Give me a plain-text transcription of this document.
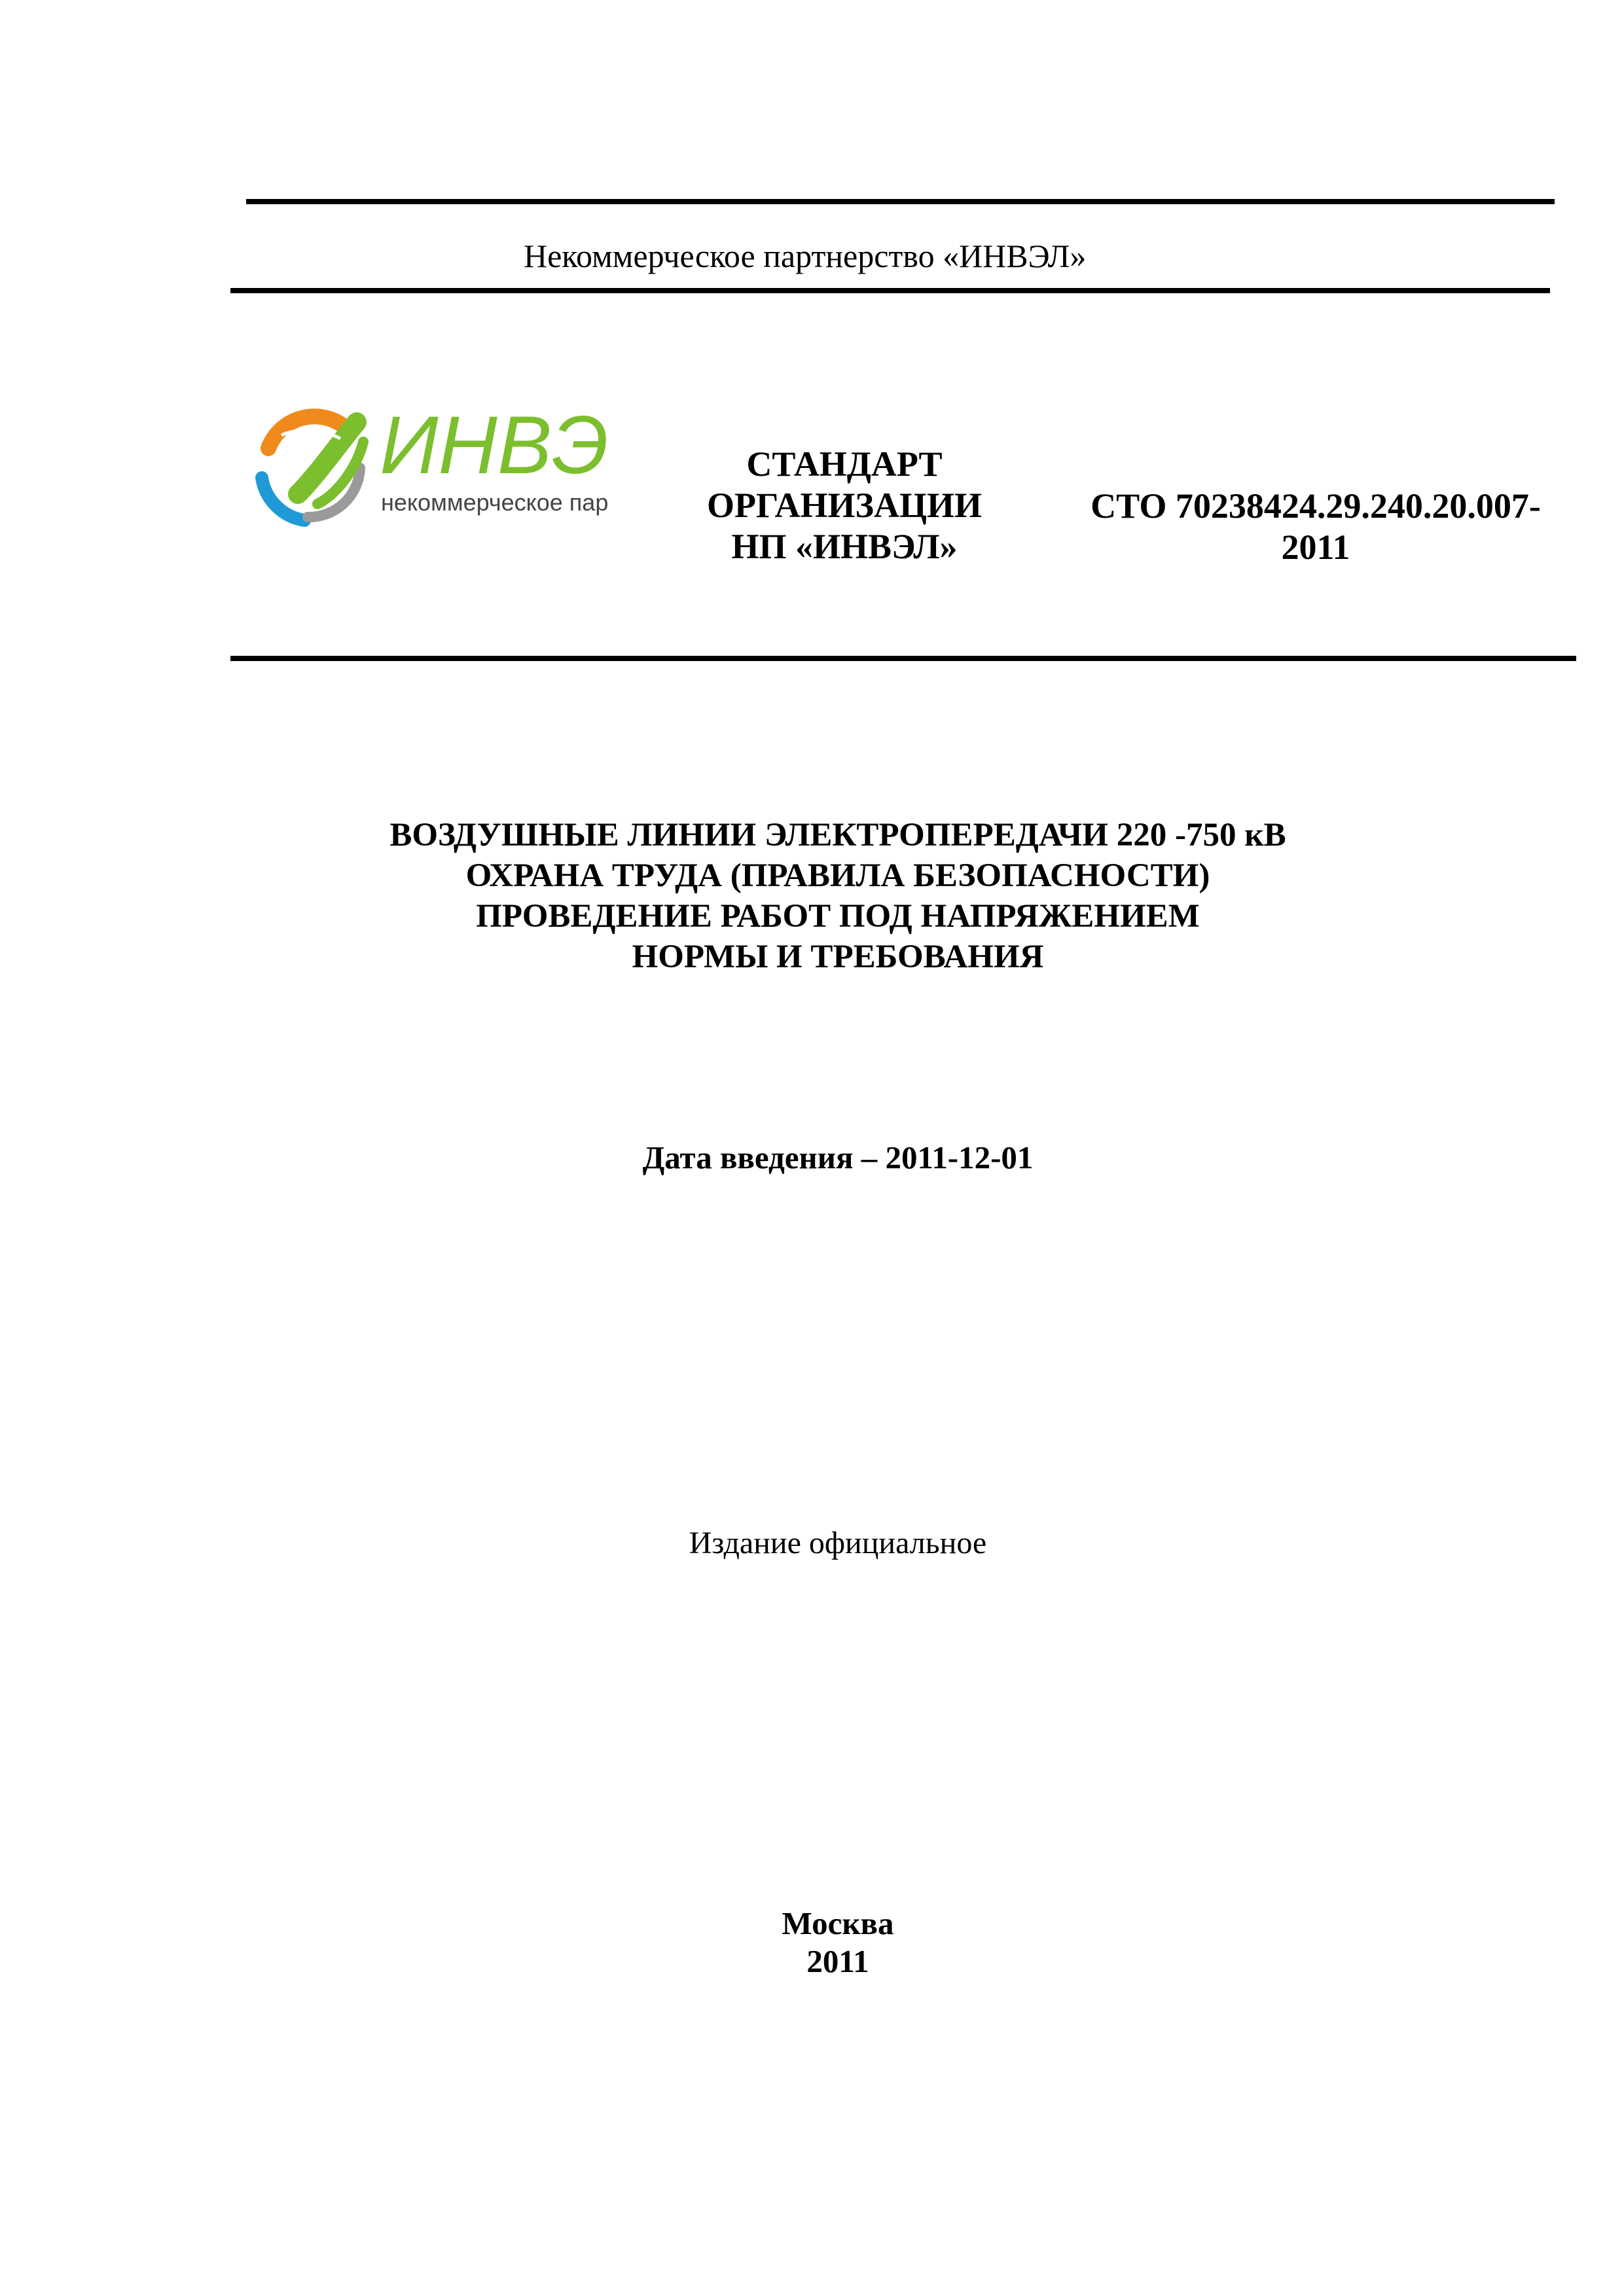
Некоммерческое партнерство «ИНВЭЛ»
ИНВЭ
некоммерческое пар
СТАНДАРТ
ОРГАНИЗАЦИИ
НП «ИНВЭЛ»
СТО 70238424.29.240.20.007-
2011
ВОЗДУШНЫЕ ЛИНИИ ЭЛЕКТРОПЕРЕДАЧИ 220 -750 кВ
ОХРАНА ТРУДА (ПРАВИЛА БЕЗОПАСНОСТИ)
ПРОВЕДЕНИЕ РАБОТ ПОД НАПРЯЖЕНИЕМ
НОРМЫ И ТРЕБОВАНИЯ
Дата введения – 2011-12-01
Издание официальное
Москва
2011
